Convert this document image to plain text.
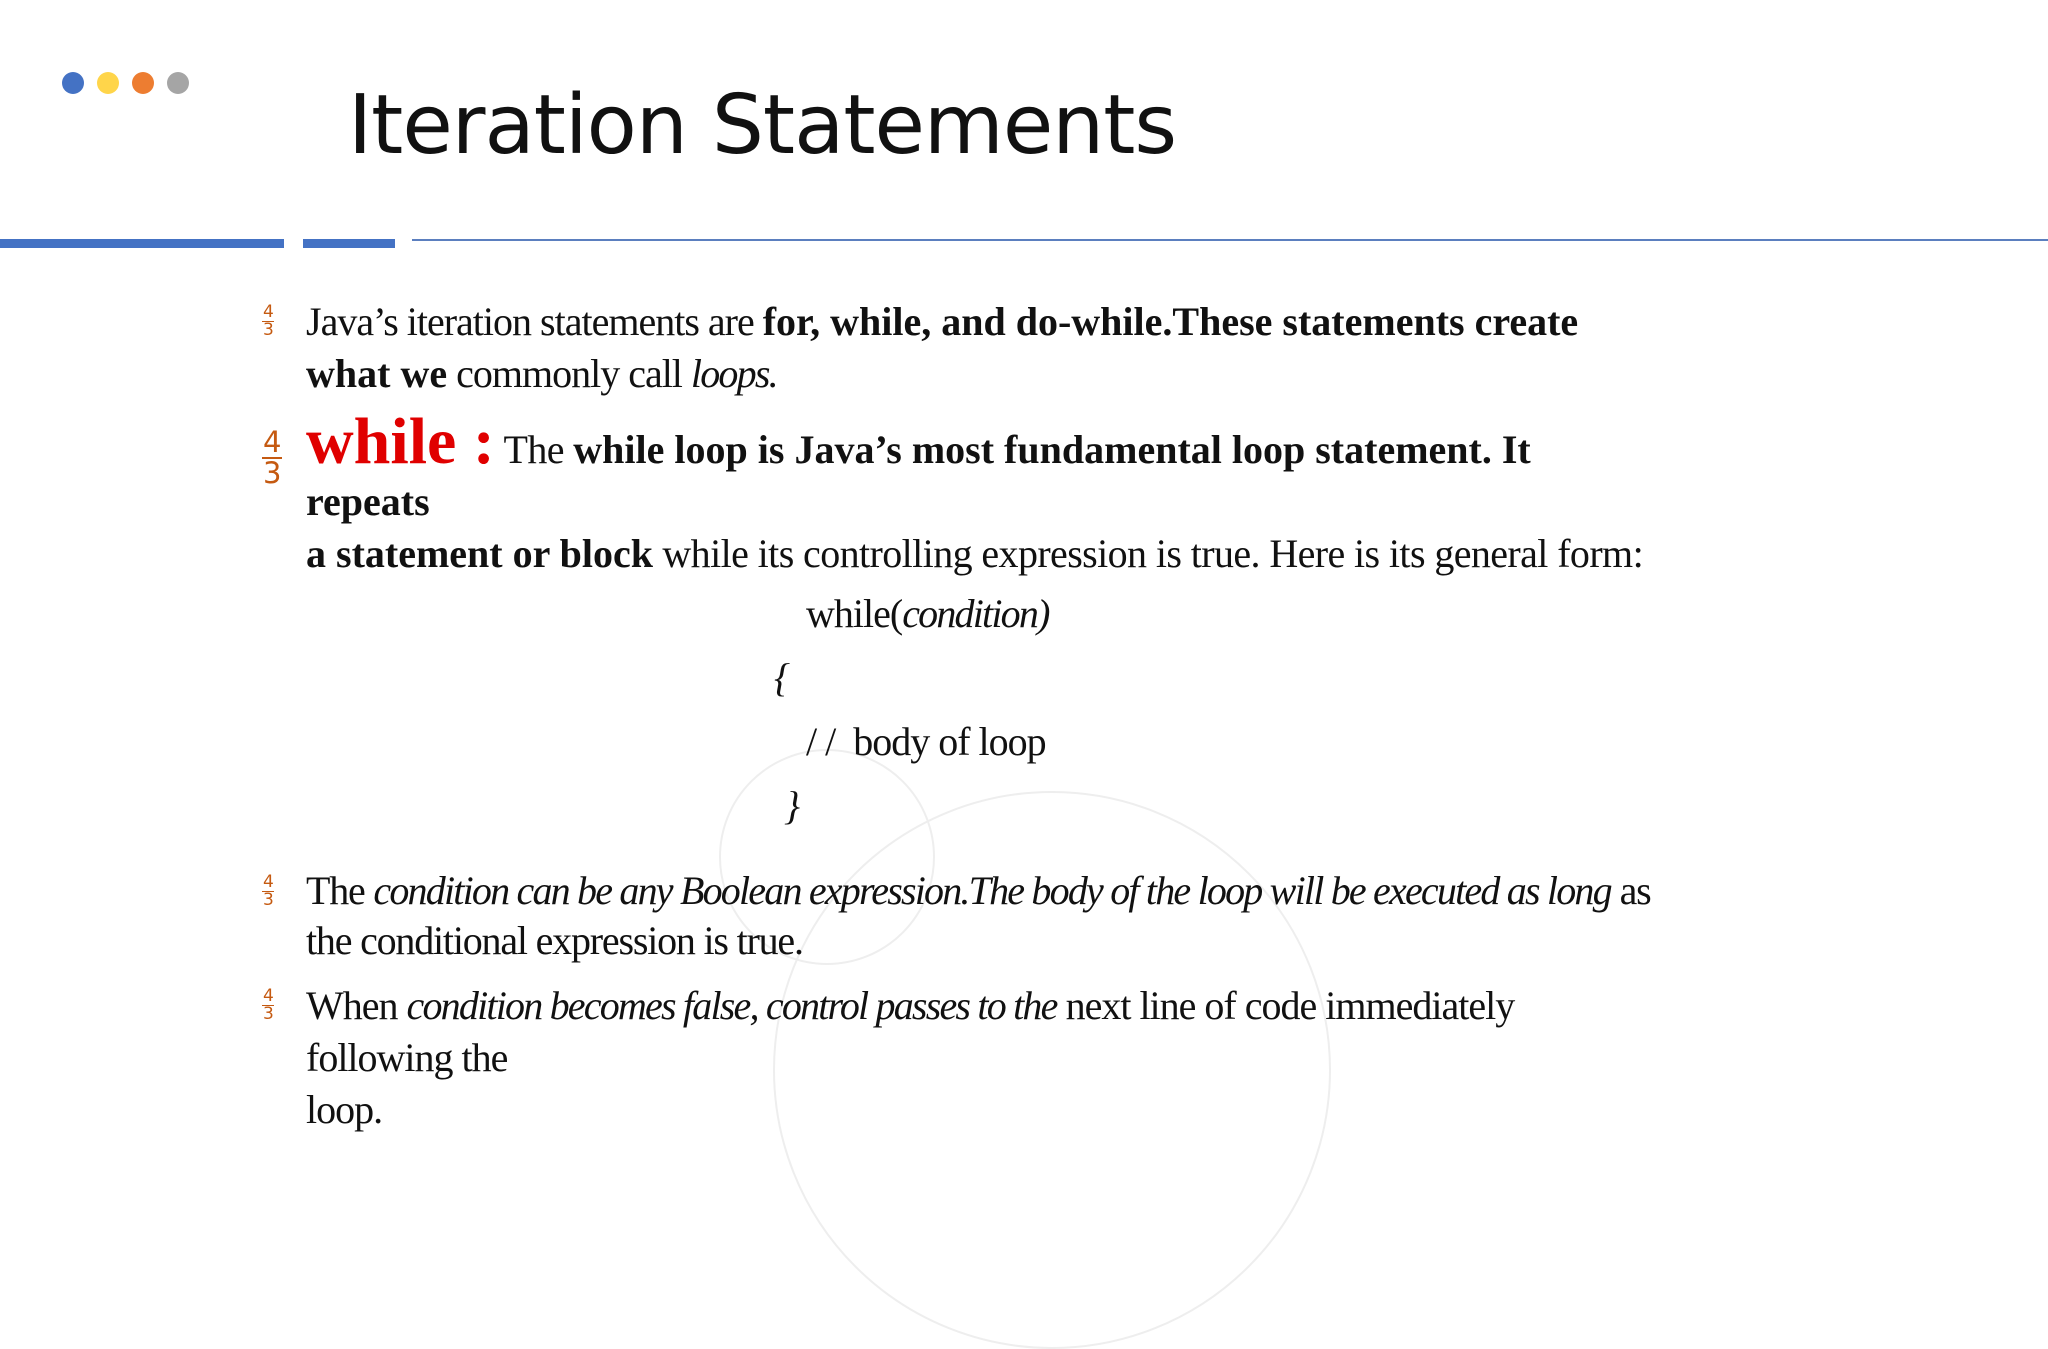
Iteration Statements
$\frac{4}{3}$ Java’s iteration statements are for, while, and do-while.These statements create
what we commonly call loops.
$\frac{4}{3}$ while : The while loop is Java’s most fundamental loop statement. It
repeats
a statement or block while its controlling expression is true. Here is its general form:
while(condition)
{
/ / body of loop
}
$\frac{4}{3}$ The condition can be any Boolean expression.The body of the loop will be executed as long as
the conditional expression is true.
$\frac{4}{3}$ When condition becomes false, control passes to the next line of code immediately
following the
loop.
